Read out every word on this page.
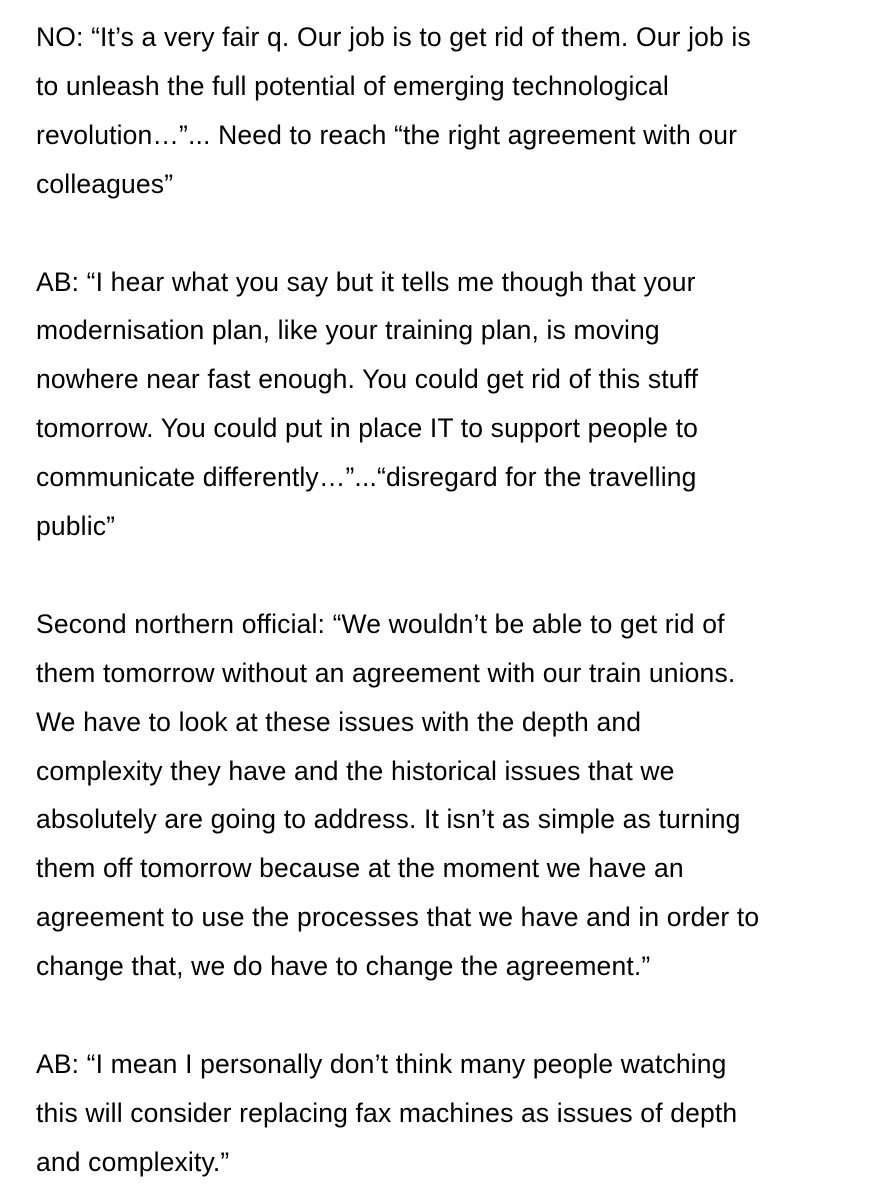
NO: “It’s a very fair q. Our job is to get rid of them. Our job is
to unleash the full potential of emerging technological
revolution…”... Need to reach “the right agreement with our
colleagues”

AB: “I hear what you say but it tells me though that your
modernisation plan, like your training plan, is moving
nowhere near fast enough. You could get rid of this stuff
tomorrow. You could put in place IT to support people to
communicate differently…”...“disregard for the travelling
public”

Second northern official: “We wouldn’t be able to get rid of
them tomorrow without an agreement with our train unions.
We have to look at these issues with the depth and
complexity they have and the historical issues that we
absolutely are going to address. It isn’t as simple as turning
them off tomorrow because at the moment we have an
agreement to use the processes that we have and in order to
change that, we do have to change the agreement.”

AB: “I mean I personally don’t think many people watching
this will consider replacing fax machines as issues of depth
and complexity.”
